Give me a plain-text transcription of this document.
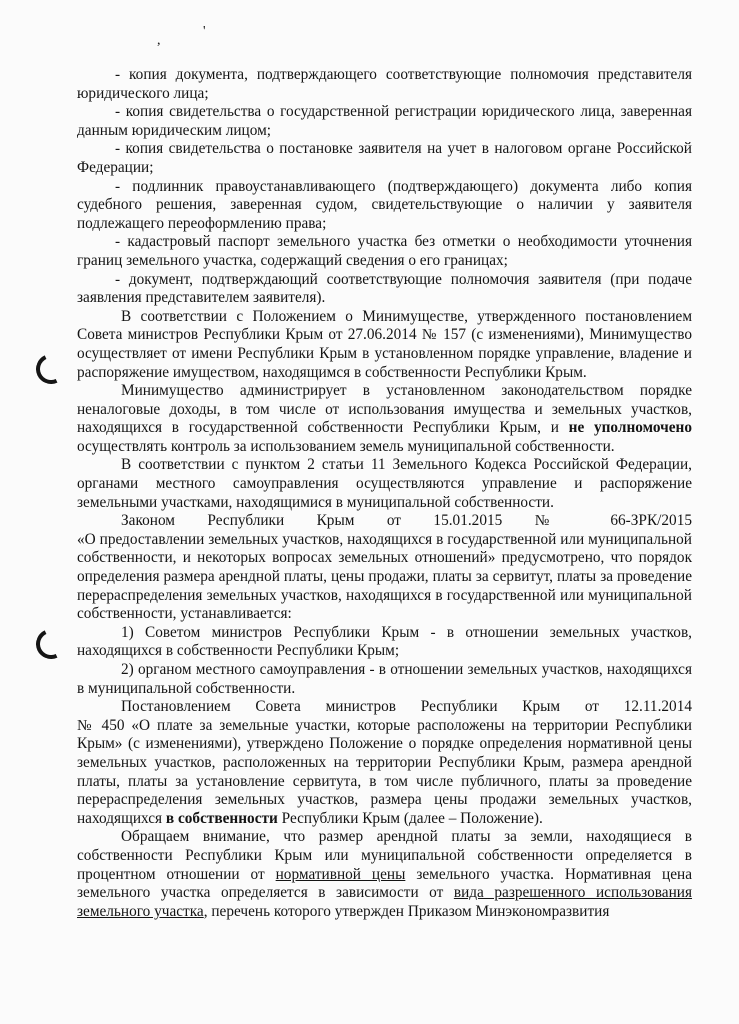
,
'

- копия документа, подтверждающего соответствующие полномочия представителя юридического лица;

- копия свидетельства о государственной регистрации юридического лица, заверенная данным юридическим лицом;

- копия свидетельства о постановке заявителя на учет в налоговом органе Российской Федерации;

- подлинник правоустанавливающего (подтверждающего) документа либо копия судебного решения, заверенная судом, свидетельствующие о наличии у заявителя подлежащего переоформлению права;

- кадастровый паспорт земельного участка без отметки о необходимости уточнения границ земельного участка, содержащий сведения о его границах;

- документ, подтверждающий соответствующие полномочия заявителя (при подаче заявления представителем заявителя).

В соответствии с Положением о Минимуществе, утвержденного постановлением Совета министров Республики Крым от 27.06.2014 № 157 (с изменениями), Минимущество осуществляет от имени Республики Крым в установленном порядке управление, владение и распоряжение имуществом, находящимся в собственности Республики Крым.

Минимущество администрирует в установленном законодательством порядке неналоговые доходы, в том числе от использования имущества и земельных участков, находящихся в государственной собственности Республики Крым, и не уполномочено осуществлять контроль за использованием земель муниципальной собственности.

В соответствии с пунктом 2 статьи 11 Земельного Кодекса Российской Федерации, органами местного самоуправления осуществляются управление и распоряжение земельными участками, находящимися в муниципальной собственности.

Законом Республики Крым от 15.01.2015 № 66-ЗРК/2015

«О предоставлении земельных участков, находящихся в государственной или муниципальной собственности, и некоторых вопросах земельных отношений» предусмотрено, что порядок определения размера арендной платы, цены продажи, платы за сервитут, платы за проведение перераспределения земельных участков, находящихся в государственной или муниципальной собственности, устанавливается:

1) Советом министров Республики Крым - в отношении земельных участков, находящихся в собственности Республики Крым;

2) органом местного самоуправления - в отношении земельных участков, находящихся в муниципальной собственности.

Постановлением Совета министров Республики Крым от 12.11.2014

№ 450 «О плате за земельные участки, которые расположены на территории Республики Крым» (с изменениями), утверждено Положение о порядке определения нормативной цены земельных участков, расположенных на территории Республики Крым, размера арендной платы, платы за установление сервитута, в том числе публичного, платы за проведение перераспределения земельных участков, размера цены продажи земельных участков, находящихся в собственности Республики Крым (далее – Положение).

Обращаем внимание, что размер арендной платы за земли, находящиеся в собственности Республики Крым или муниципальной собственности определяется в процентном отношении от нормативной цены земельного участка. Нормативная цена земельного участка определяется в зависимости от вида разрешенного использования земельного участка, перечень которого утвержден Приказом Минэкономразвития
